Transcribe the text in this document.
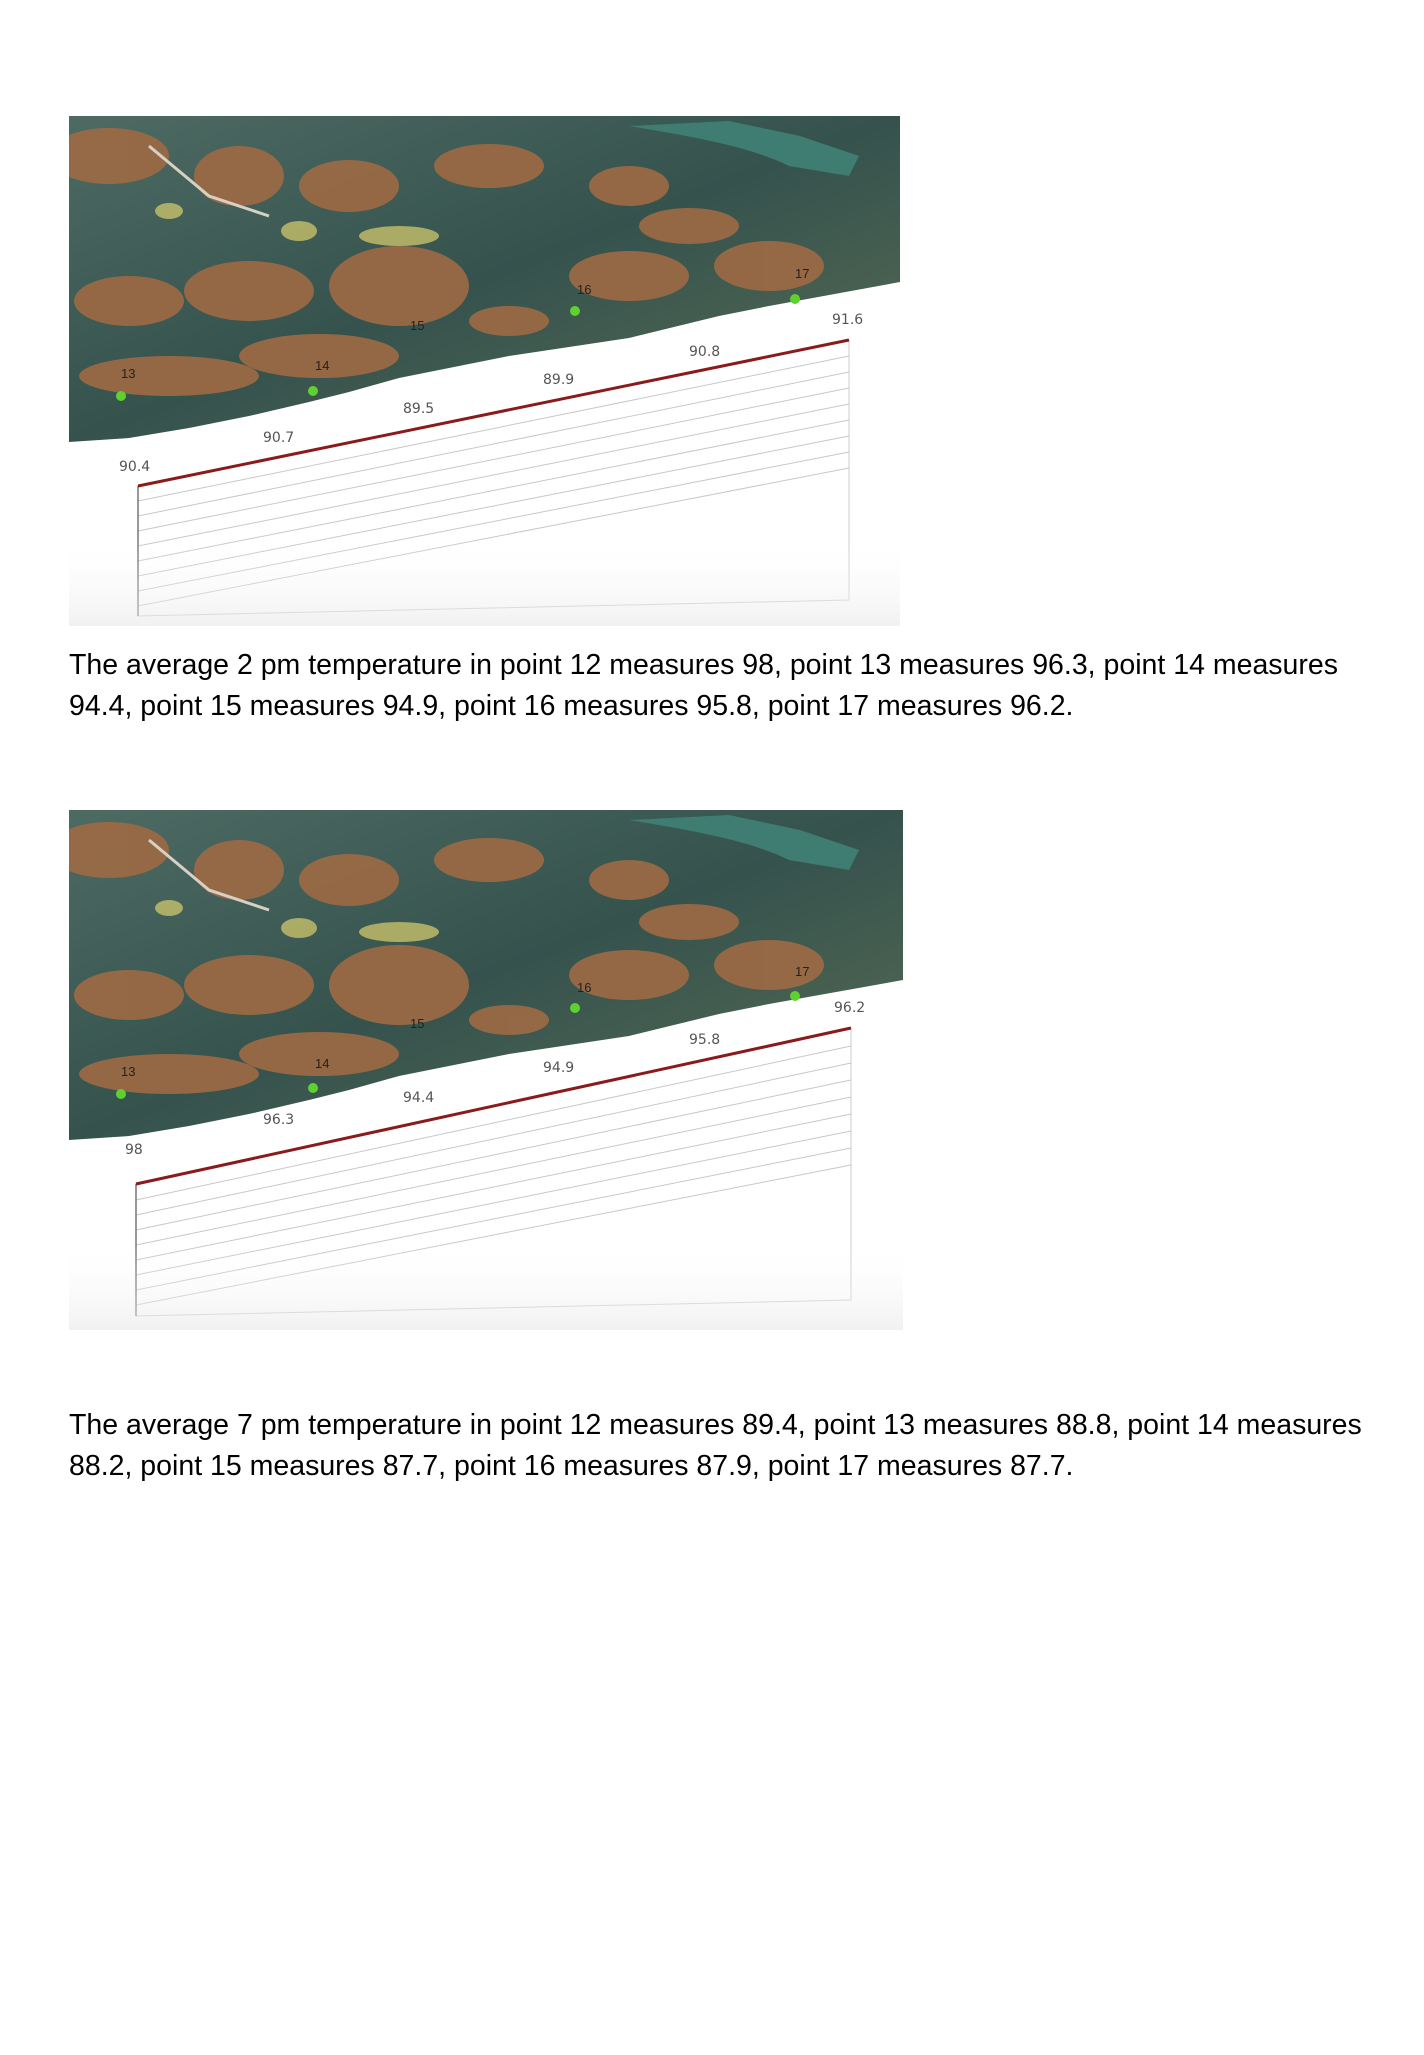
13
14
15
16
17
90.4
90.7
89.5
89.9
90.8
91.6

The average 2 pm temperature in point 12 measures 98, point 13 measures 96.3, point 14 measures 94.4, point 15 measures 94.9, point 16 measures 95.8, point 17 measures 96.2.

13
14
15
16
17
98
96.3
94.4
94.9
95.8
96.2

The average 7 pm temperature in point 12 measures 89.4, point 13 measures 88.8, point 14 measures 88.2, point 15 measures 87.7, point 16 measures 87.9, point 17 measures 87.7.
